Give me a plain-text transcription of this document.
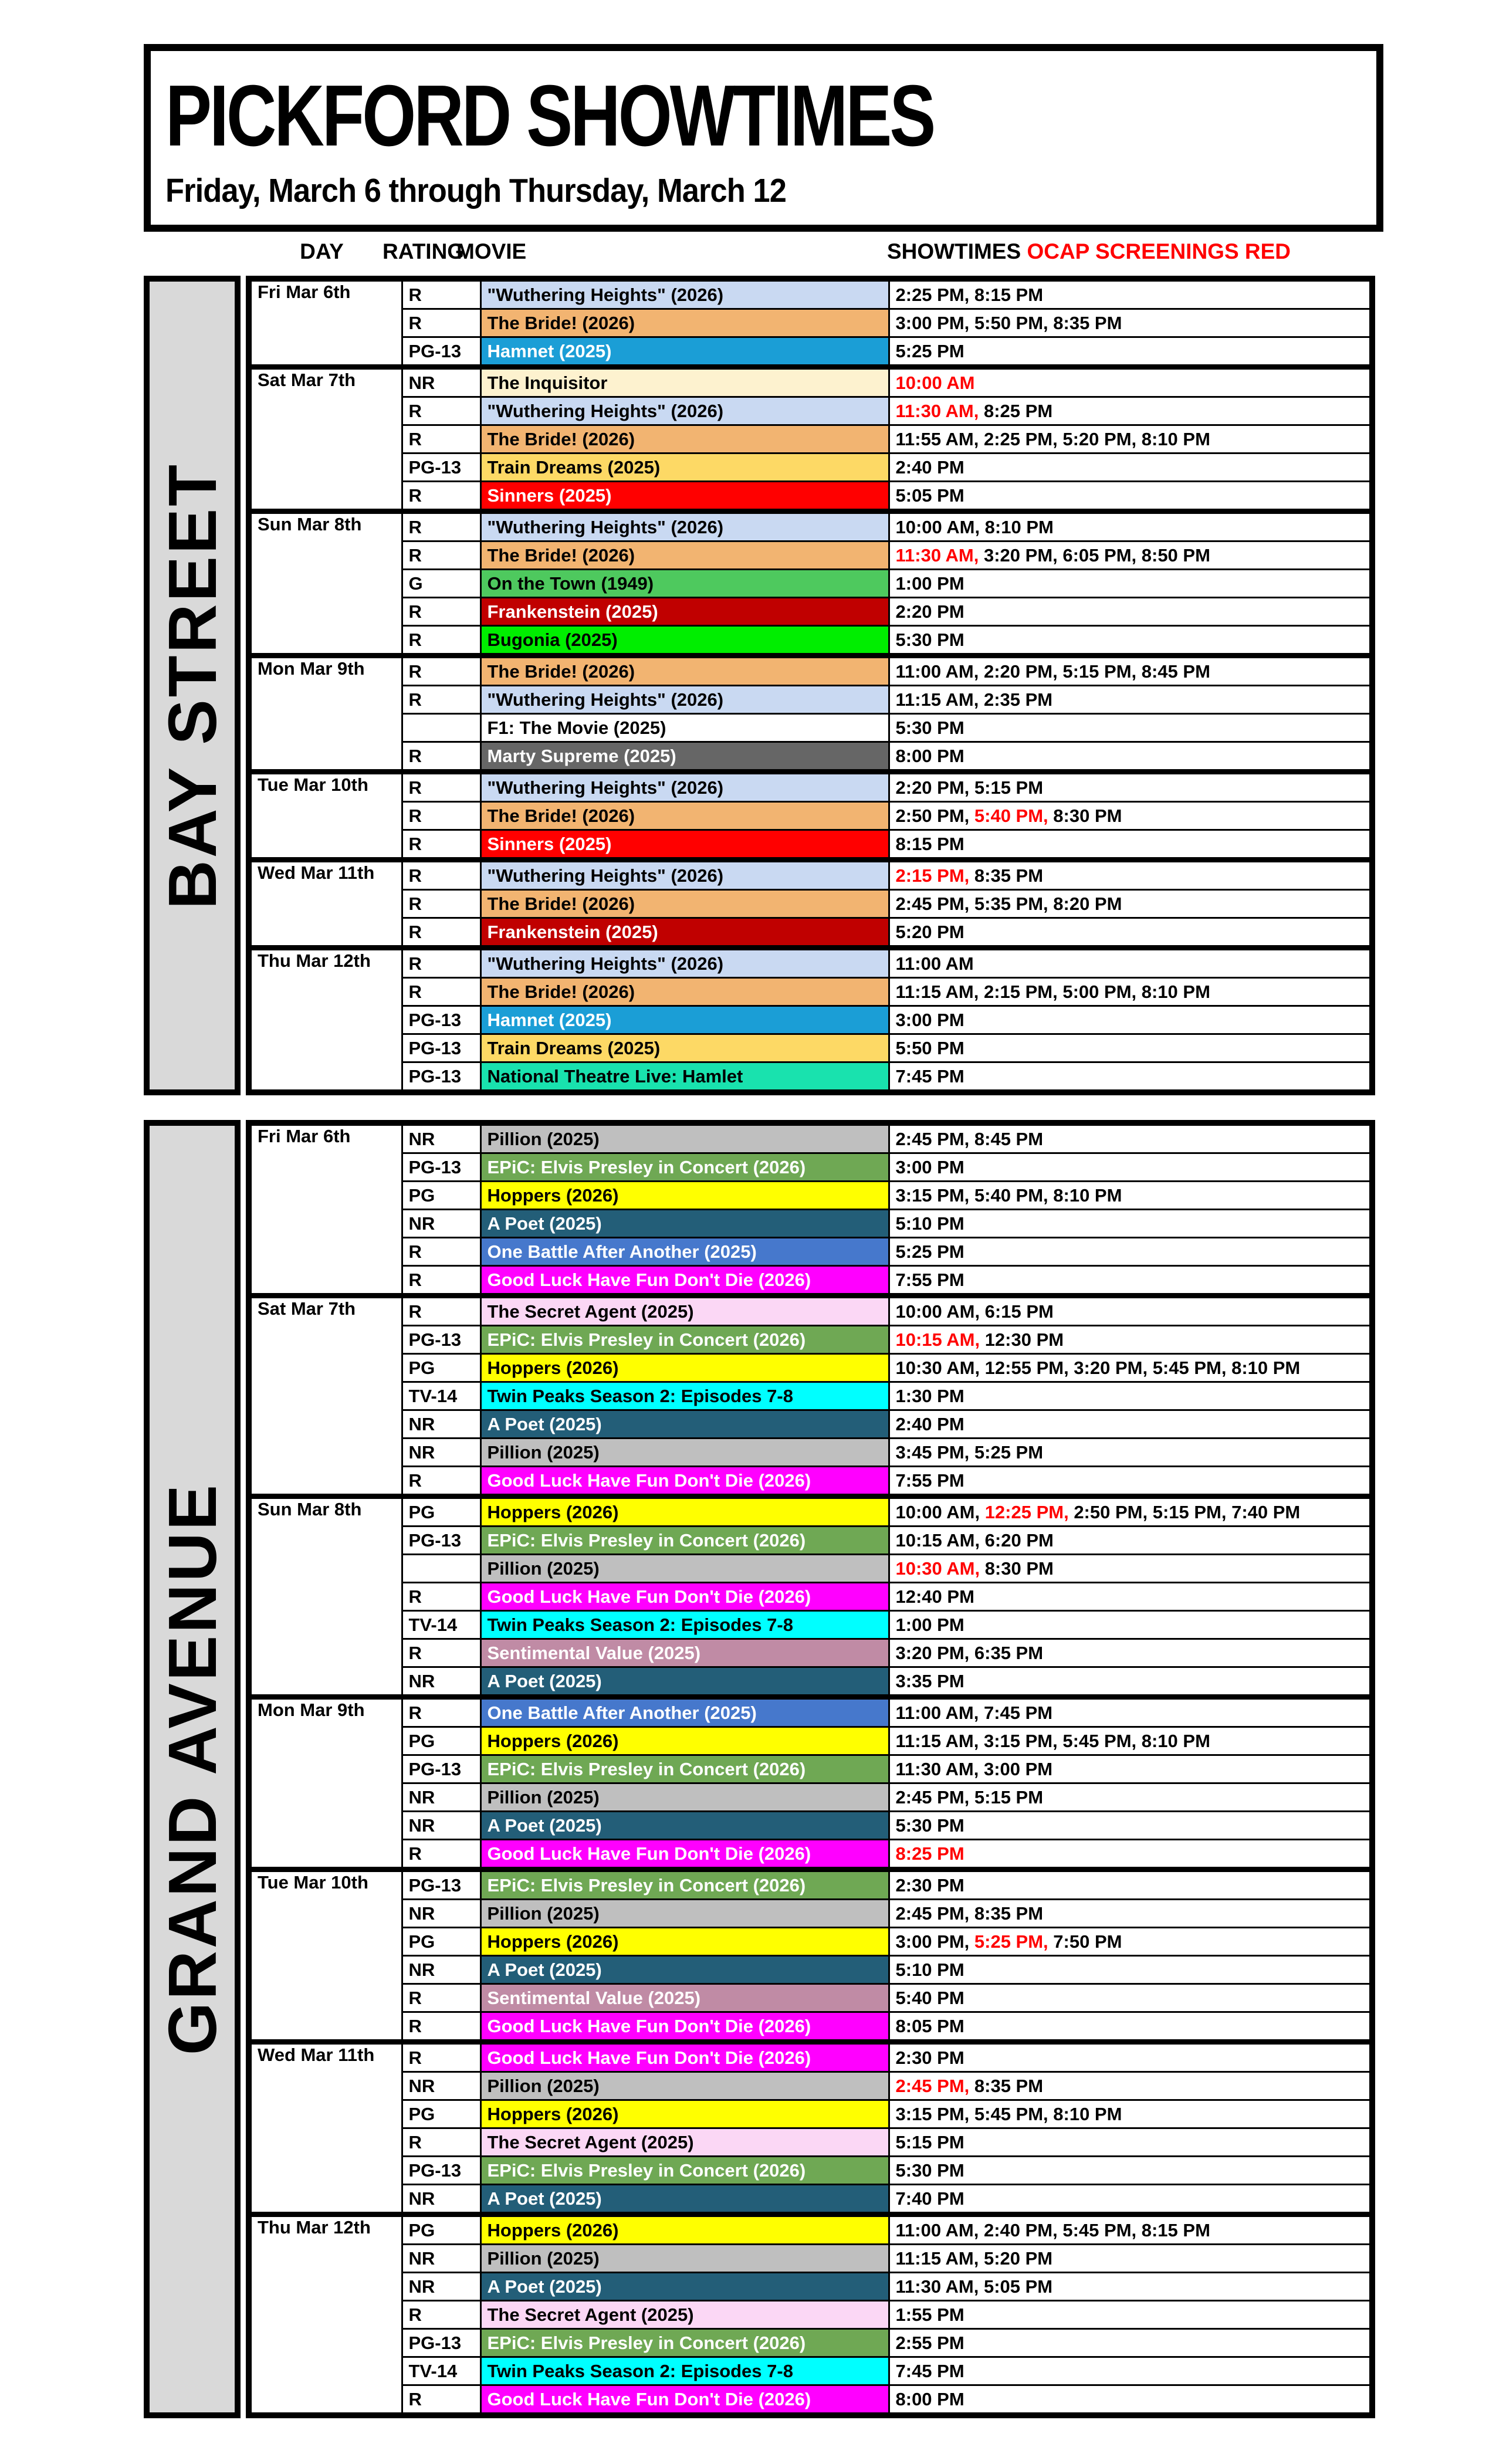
PICKFORD SHOWTIMES
Friday, March 6 through Thursday, March 12
DAY	RATING
MOVIE	SHOWTIMES OCAP SCREENINGS RED
BAY STREET
Fri Mar 6th	R	"Wuthering Heights" (2026)	2:25 PM, 8:15 PM
	R	The Bride! (2026)	3:00 PM, 5:50 PM, 8:35 PM
	PG-13	Hamnet (2025)	5:25 PM
Sat Mar 7th	NR	The Inquisitor	10:00 AM
	R	"Wuthering Heights" (2026)	11:30 AM, 8:25 PM
	R	The Bride! (2026)	11:55 AM, 2:25 PM, 5:20 PM, 8:10 PM
	PG-13	Train Dreams (2025)	2:40 PM
	R	Sinners (2025)	5:05 PM
Sun Mar 8th	R	"Wuthering Heights" (2026)	10:00 AM, 8:10 PM
	R	The Bride! (2026)	11:30 AM, 3:20 PM, 6:05 PM, 8:50 PM
	G	On the Town (1949)	1:00 PM
	R	Frankenstein (2025)	2:20 PM
	R	Bugonia (2025)	5:30 PM
Mon Mar 9th	R	The Bride! (2026)	11:00 AM, 2:20 PM, 5:15 PM, 8:45 PM
	R	"Wuthering Heights" (2026)	11:15 AM, 2:35 PM
		F1: The Movie (2025)	5:30 PM
	R	Marty Supreme (2025)	8:00 PM
Tue Mar 10th	R	"Wuthering Heights" (2026)	2:20 PM, 5:15 PM
	R	The Bride! (2026)	2:50 PM, 5:40 PM, 8:30 PM
	R	Sinners (2025)	8:15 PM
Wed Mar 11th	R	"Wuthering Heights" (2026)	2:15 PM, 8:35 PM
	R	The Bride! (2026)	2:45 PM, 5:35 PM, 8:20 PM
	R	Frankenstein (2025)	5:20 PM
Thu Mar 12th	R	"Wuthering Heights" (2026)	11:00 AM
	R	The Bride! (2026)	11:15 AM, 2:15 PM, 5:00 PM, 8:10 PM
	PG-13	Hamnet (2025)	3:00 PM
	PG-13	Train Dreams (2025)	5:50 PM
	PG-13	National Theatre Live: Hamlet	7:45 PM
GRAND AVENUE
Fri Mar 6th	NR	Pillion (2025)	2:45 PM, 8:45 PM
	PG-13	EPiC: Elvis Presley in Concert (2026)	3:00 PM
	PG	Hoppers (2026)	3:15 PM, 5:40 PM, 8:10 PM
	NR	A Poet (2025)	5:10 PM
	R	One Battle After Another (2025)	5:25 PM
	R	Good Luck Have Fun Don't Die (2026)	7:55 PM
Sat Mar 7th	R	The Secret Agent (2025)	10:00 AM, 6:15 PM
	PG-13	EPiC: Elvis Presley in Concert (2026)	10:15 AM, 12:30 PM
	PG	Hoppers (2026)	10:30 AM, 12:55 PM, 3:20 PM, 5:45 PM, 8:10 PM
	TV-14	Twin Peaks Season 2: Episodes 7-8	1:30 PM
	NR	A Poet (2025)	2:40 PM
	NR	Pillion (2025)	3:45 PM, 5:25 PM
	R	Good Luck Have Fun Don't Die (2026)	7:55 PM
Sun Mar 8th	PG	Hoppers (2026)	10:00 AM, 12:25 PM, 2:50 PM, 5:15 PM, 7:40 PM
	PG-13	EPiC: Elvis Presley in Concert (2026)	10:15 AM, 6:20 PM
		Pillion (2025)	10:30 AM, 8:30 PM
	R	Good Luck Have Fun Don't Die (2026)	12:40 PM
	TV-14	Twin Peaks Season 2: Episodes 7-8	1:00 PM
	R	Sentimental Value (2025)	3:20 PM, 6:35 PM
	NR	A Poet (2025)	3:35 PM
Mon Mar 9th	R	One Battle After Another (2025)	11:00 AM, 7:45 PM
	PG	Hoppers (2026)	11:15 AM, 3:15 PM, 5:45 PM, 8:10 PM
	PG-13	EPiC: Elvis Presley in Concert (2026)	11:30 AM, 3:00 PM
	NR	Pillion (2025)	2:45 PM, 5:15 PM
	NR	A Poet (2025)	5:30 PM
	R	Good Luck Have Fun Don't Die (2026)	8:25 PM
Tue Mar 10th	PG-13	EPiC: Elvis Presley in Concert (2026)	2:30 PM
	NR	Pillion (2025)	2:45 PM, 8:35 PM
	PG	Hoppers (2026)	3:00 PM, 5:25 PM, 7:50 PM
	NR	A Poet (2025)	5:10 PM
	R	Sentimental Value (2025)	5:40 PM
	R	Good Luck Have Fun Don't Die (2026)	8:05 PM
Wed Mar 11th	R	Good Luck Have Fun Don't Die (2026)	2:30 PM
	NR	Pillion (2025)	2:45 PM, 8:35 PM
	PG	Hoppers (2026)	3:15 PM, 5:45 PM, 8:10 PM
	R	The Secret Agent (2025)	5:15 PM
	PG-13	EPiC: Elvis Presley in Concert (2026)	5:30 PM
	NR	A Poet (2025)	7:40 PM
Thu Mar 12th	PG	Hoppers (2026)	11:00 AM, 2:40 PM, 5:45 PM, 8:15 PM
	NR	Pillion (2025)	11:15 AM, 5:20 PM
	NR	A Poet (2025)	11:30 AM, 5:05 PM
	R	The Secret Agent (2025)	1:55 PM
	PG-13	EPiC: Elvis Presley in Concert (2026)	2:55 PM
	TV-14	Twin Peaks Season 2: Episodes 7-8	7:45 PM
	R	Good Luck Have Fun Don't Die (2026)	8:00 PM
